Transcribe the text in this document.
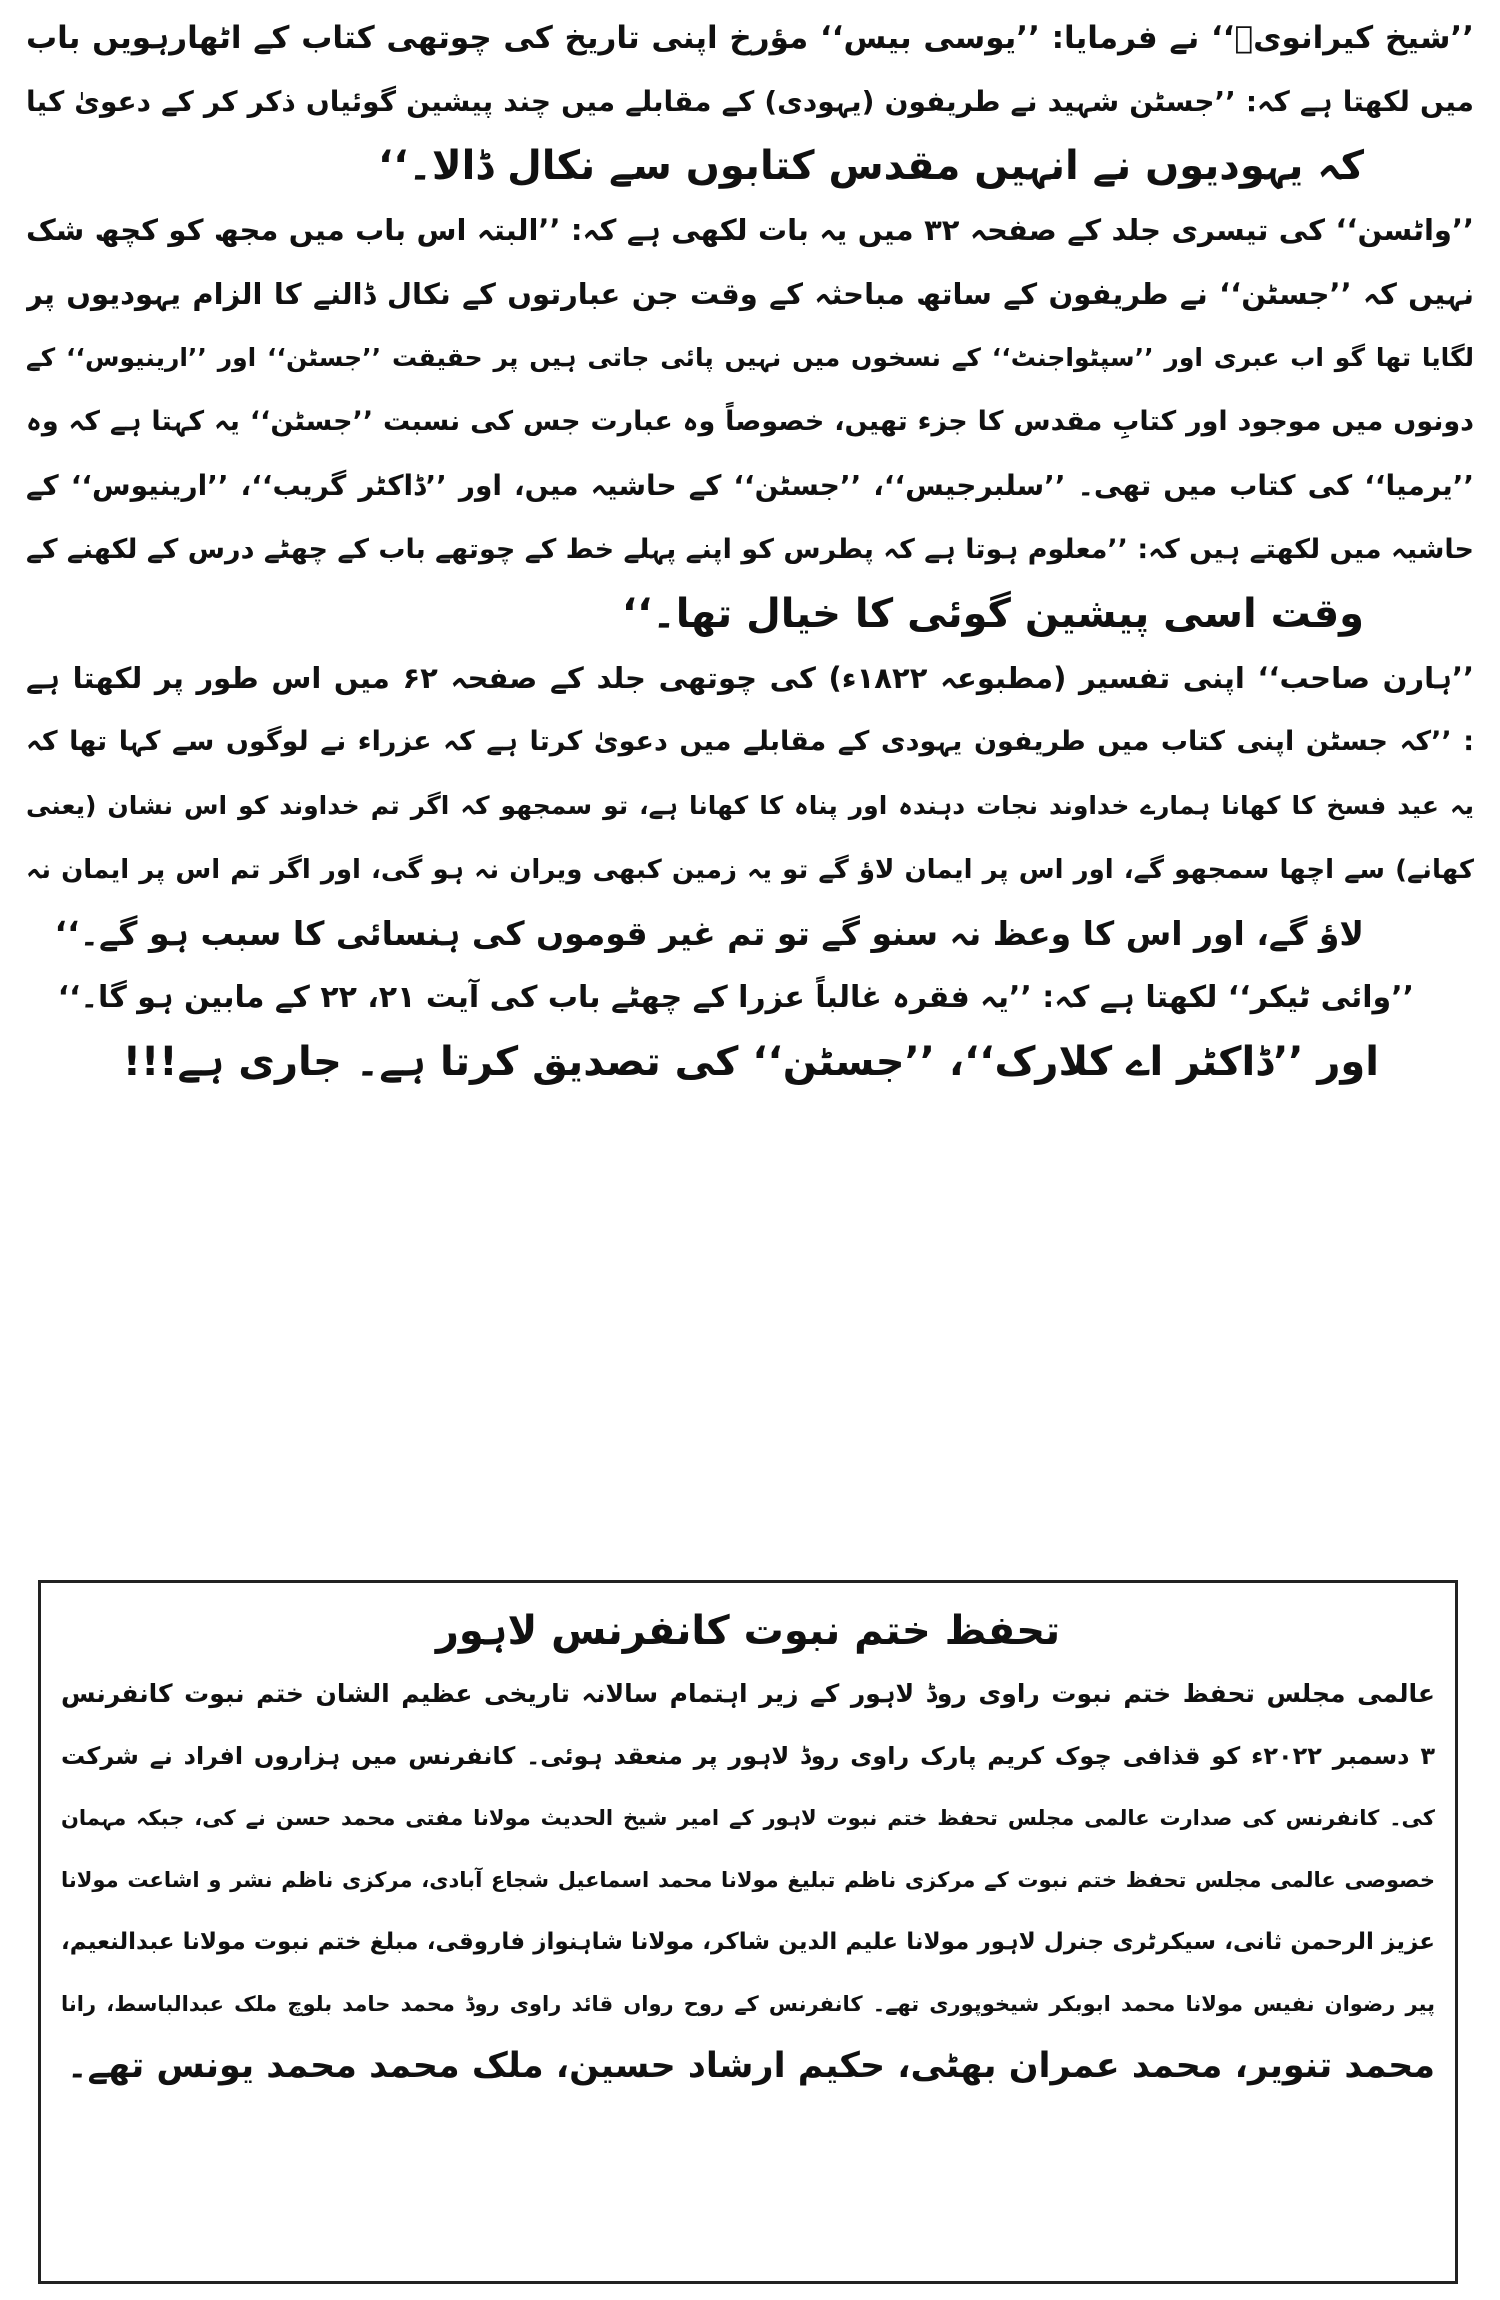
’’شیخ کیرانویؒ‘‘ نے فرمایا: ’’یوسی بیس‘‘ مؤرخ اپنی تاریخ کی چوتھی کتاب کے اٹھارہویں باب
میں لکھتا ہے کہ: ’’جسٹن شہید نے طریفون (یہودی) کے مقابلے میں چند پیشین گوئیاں ذکر کر کے دعویٰ کیا
کہ یہودیوں نے انہیں مقدس کتابوں سے نکال ڈالا۔‘‘
’’واٹسن‘‘ کی تیسری جلد کے صفحہ ۳۲ میں یہ بات لکھی ہے کہ: ’’البتہ اس باب میں مجھ کو کچھ شک
نہیں کہ ’’جسٹن‘‘ نے طریفون کے ساتھ مباحثہ کے وقت جن عبارتوں کے نکال ڈالنے کا الزام یہودیوں پر
لگایا تھا گو اب عبری اور ’’سپٹواجنٹ‘‘ کے نسخوں میں نہیں پائی جاتی ہیں پر حقیقت ’’جسٹن‘‘ اور ’’ارینیوس‘‘ کے
دونوں میں موجود اور کتابِ مقدس کا جزء تھیں، خصوصاً وہ عبارت جس کی نسبت ’’جسٹن‘‘ یہ کہتا ہے کہ وہ
’’یرمیا‘‘ کی کتاب میں تھی۔ ’’سلبرجیس‘‘، ’’جسٹن‘‘ کے حاشیہ میں، اور ’’ڈاکٹر گریب‘‘، ’’ارینیوس‘‘ کے
حاشیہ میں لکھتے ہیں کہ: ’’معلوم ہوتا ہے کہ پطرس کو اپنے پہلے خط کے چوتھے باب کے چھٹے درس کے لکھنے کے
وقت اسی پیشین گوئی کا خیال تھا۔‘‘
’’ہارن صاحب‘‘ اپنی تفسیر (مطبوعہ ۱۸۲۲ء) کی چوتھی جلد کے صفحہ ۶۲ میں اس طور پر لکھتا ہے
: ’’کہ جسٹن اپنی کتاب میں طریفون یہودی کے مقابلے میں دعویٰ کرتا ہے کہ عزراء نے لوگوں سے کہا تھا کہ
یہ عید فسخ کا کھانا ہمارے خداوند نجات دہندہ اور پناہ کا کھانا ہے، تو سمجھو کہ اگر تم خداوند کو اس نشان (یعنی
کھانے) سے اچھا سمجھو گے، اور اس پر ایمان لاؤ گے تو یہ زمین کبھی ویران نہ ہو گی، اور اگر تم اس پر ایمان نہ
لاؤ گے، اور اس کا وعظ نہ سنو گے تو تم غیر قوموں کی ہنسائی کا سبب ہو گے۔‘‘
’’وائی ٹیکر‘‘ لکھتا ہے کہ: ’’یہ فقرہ غالباً عزرا کے چھٹے باب کی آیت ۲۱، ۲۲ کے مابین ہو گا۔‘‘
اور ’’ڈاکٹر اے کلارک‘‘، ’’جسٹن‘‘ کی تصدیق کرتا ہے۔ جاری ہے!!!
تحفظ ختم نبوت کانفرنس لاہور
عالمی مجلس تحفظ ختم نبوت راوی روڈ لاہور کے زیر اہتمام سالانہ تاریخی عظیم الشان ختم نبوت کانفرنس
۳ دسمبر ۲۰۲۲ء کو قذافی چوک کریم پارک راوی روڈ لاہور پر منعقد ہوئی۔ کانفرنس میں ہزاروں افراد نے شرکت
کی۔ کانفرنس کی صدارت عالمی مجلس تحفظ ختم نبوت لاہور کے امیر شیخ الحدیث مولانا مفتی محمد حسن نے کی، جبکہ مہمان
خصوصی عالمی مجلس تحفظ ختم نبوت کے مرکزی ناظم تبلیغ مولانا محمد اسماعیل شجاع آبادی، مرکزی ناظم نشر و اشاعت مولانا
عزیز الرحمن ثانی، سیکرٹری جنرل لاہور مولانا علیم الدین شاکر، مولانا شاہنواز فاروقی، مبلغ ختم نبوت مولانا عبدالنعیم،
پیر رضوان نفیس مولانا محمد ابوبکر شیخوپوری تھے۔ کانفرنس کے روح رواں قائد راوی روڈ محمد حامد بلوچ ملک عبدالباسط، رانا
محمد تنویر، محمد عمران بھٹی، حکیم ارشاد حسین، ملک محمد محمد یونس تھے۔
